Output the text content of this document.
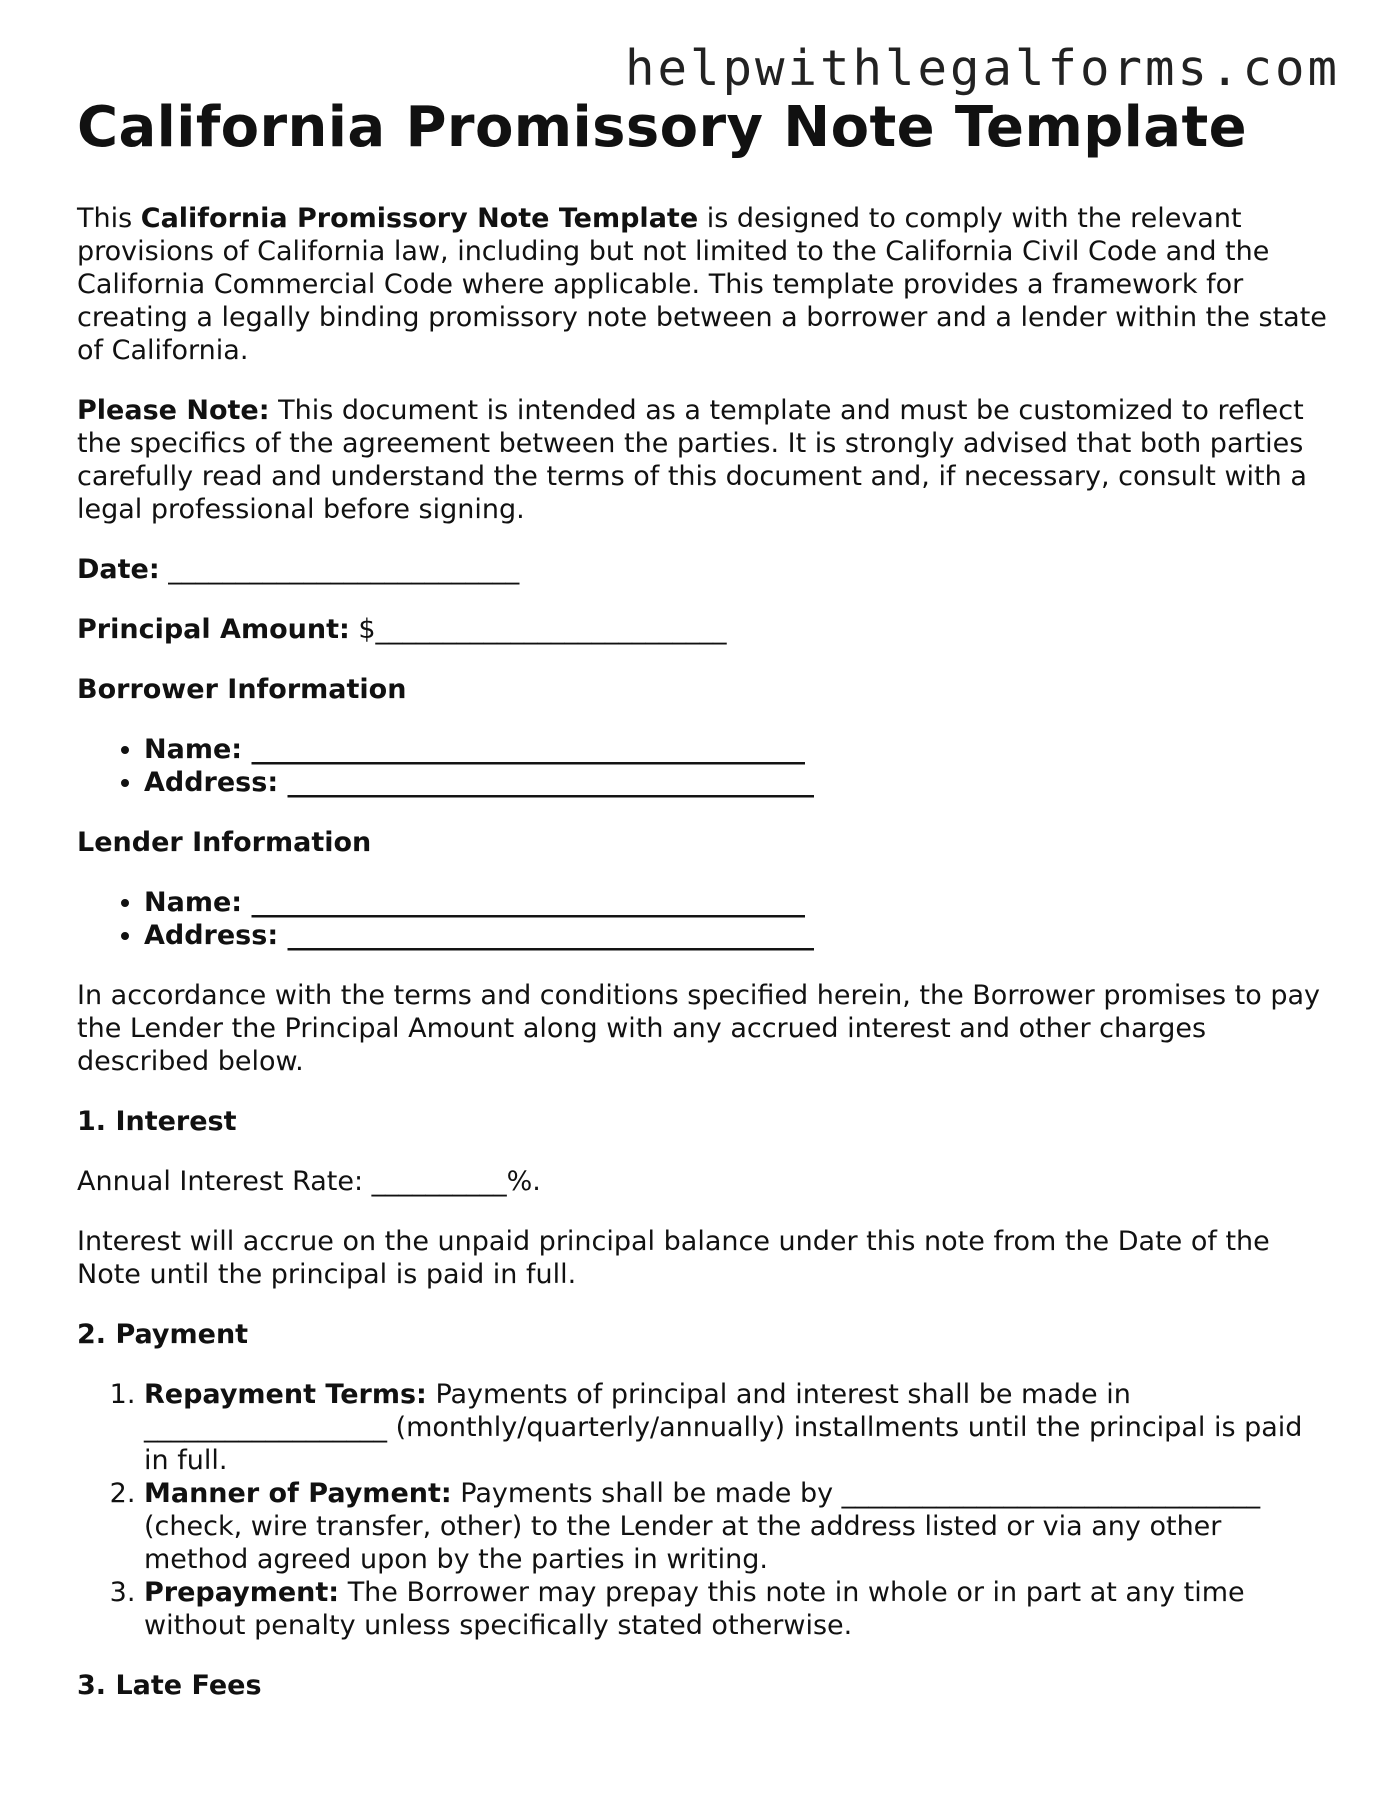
helpwithlegalforms.com
California Promissory Note Template

This California Promissory Note Template is designed to comply with the relevant provisions of California law, including but not limited to the California Civil Code and the California Commercial Code where applicable. This template provides a framework for creating a legally binding promissory note between a borrower and a lender within the state of California.

Please Note: This document is intended as a template and must be customized to reflect the specifics of the agreement between the parties. It is strongly advised that both parties carefully read and understand the terms of this document and, if necessary, consult with a legal professional before signing.

Date: __________________________

Principal Amount: $__________________________

Borrower Information
• Name: _________________________________________
• Address: _______________________________________
Lender Information
• Name: _________________________________________
• Address: _______________________________________

In accordance with the terms and conditions specified herein, the Borrower promises to pay the Lender the Principal Amount along with any accrued interest and other charges described below.

1. Interest

Annual Interest Rate: __________%.

Interest will accrue on the unpaid principal balance under this note from the Date of the Note until the principal is paid in full.

2. Payment
1. Repayment Terms: Payments of principal and interest shall be made in __________________ (monthly/quarterly/annually) installments until the principal is paid in full.
2. Manner of Payment: Payments shall be made by _______________________________ (check, wire transfer, other) to the Lender at the address listed or via any other method agreed upon by the parties in writing.
3. Prepayment: The Borrower may prepay this note in whole or in part at any time without penalty unless specifically stated otherwise.
3. Late Fees
